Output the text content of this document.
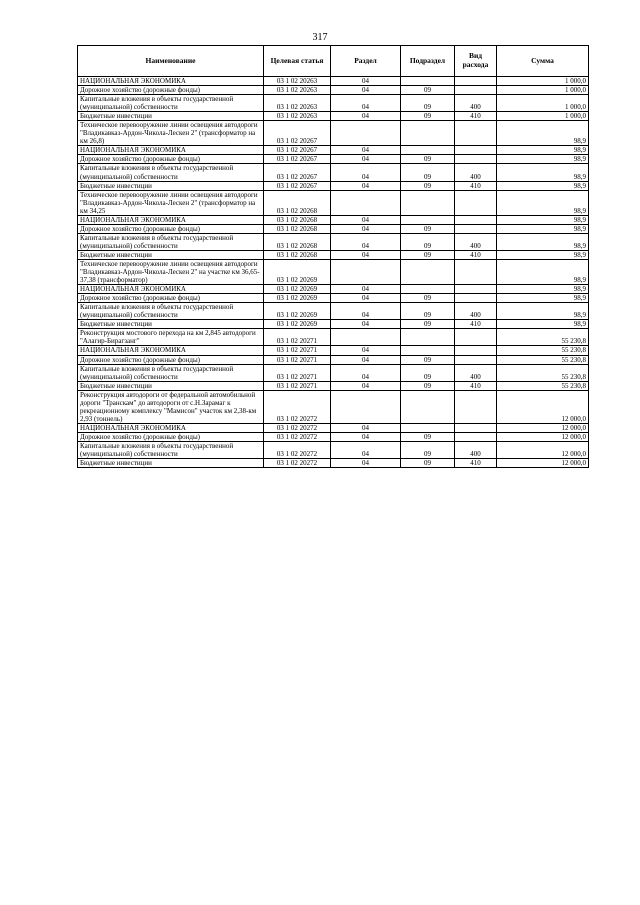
317
Наименование	Целевая статья	Раздел	Подраздел	Вид расхода	Сумма
НАЦИОНАЛЬНАЯ ЭКОНОМИКА	03 1 02 20263	04			1 000,0
Дорожное хозяйство (дорожные фонды)	03 1 02 20263	04	09		1 000,0
Капитальные вложения в объекты государственной (муниципальной) собственности	03 1 02 20263	04	09	400	1 000,0
Бюджетные инвестиции	03 1 02 20263	04	09	410	1 000,0
Техническое перевооружение линии освещения автодороги "Владикавказ-Ардон-Чикола-Лескен 2" (трансформатор на км 26,8)	03 1 02 20267				98,9
НАЦИОНАЛЬНАЯ ЭКОНОМИКА	03 1 02 20267	04			98,9
Дорожное хозяйство (дорожные фонды)	03 1 02 20267	04	09		98,9
Капитальные вложения в объекты государственной (муниципальной) собственности	03 1 02 20267	04	09	400	98,9
Бюджетные инвестиции	03 1 02 20267	04	09	410	98,9
Техническое перевооружение линии освещения автодороги "Владикавказ-Ардон-Чикола-Лескен 2" (трансформатор на км 34,25	03 1 02 20268				98,9
НАЦИОНАЛЬНАЯ ЭКОНОМИКА	03 1 02 20268	04			98,9
Дорожное хозяйство (дорожные фонды)	03 1 02 20268	04	09		98,9
Капитальные вложения в объекты государственной (муниципальной) собственности	03 1 02 20268	04	09	400	98,9
Бюджетные инвестиции	03 1 02 20268	04	09	410	98,9
Техническое перевооружение линии освещения автодороги "Владикавказ-Ардон-Чикола-Лескен 2" на участке км 36,65-37,38 (трансформатор)	03 1 02 20269				98,9
НАЦИОНАЛЬНАЯ ЭКОНОМИКА	03 1 02 20269	04			98,9
Дорожное хозяйство (дорожные фонды)	03 1 02 20269	04	09		98,9
Капитальные вложения в объекты государственной (муниципальной) собственности	03 1 02 20269	04	09	400	98,9
Бюджетные инвестиции	03 1 02 20269	04	09	410	98,9
Реконструкция мостового перехода на км 2,845 автодороги "Алагир-Бирагзанг"	03 1 02 20271				55 230,8
НАЦИОНАЛЬНАЯ ЭКОНОМИКА	03 1 02 20271	04			55 230,8
Дорожное хозяйство (дорожные фонды)	03 1 02 20271	04	09		55 230,8
Капитальные вложения в объекты государственной (муниципальной) собственности	03 1 02 20271	04	09	400	55 230,8
Бюджетные инвестиции	03 1 02 20271	04	09	410	55 230,8
Реконструкция автодороги от федеральной автомобильной дороги "Транскам" до автодороги от с.Н.Зарамаг к рекреационному комплексу "Мамисон" участок км 2,38-км 2,93 (тоннель)	03 1 02 20272				12 000,0
НАЦИОНАЛЬНАЯ ЭКОНОМИКА	03 1 02 20272	04			12 000,0
Дорожное хозяйство (дорожные фонды)	03 1 02 20272	04	09		12 000,0
Капитальные вложения в объекты государственной (муниципальной) собственности	03 1 02 20272	04	09	400	12 000,0
Бюджетные инвестиции	03 1 02 20272	04	09	410	12 000,0
